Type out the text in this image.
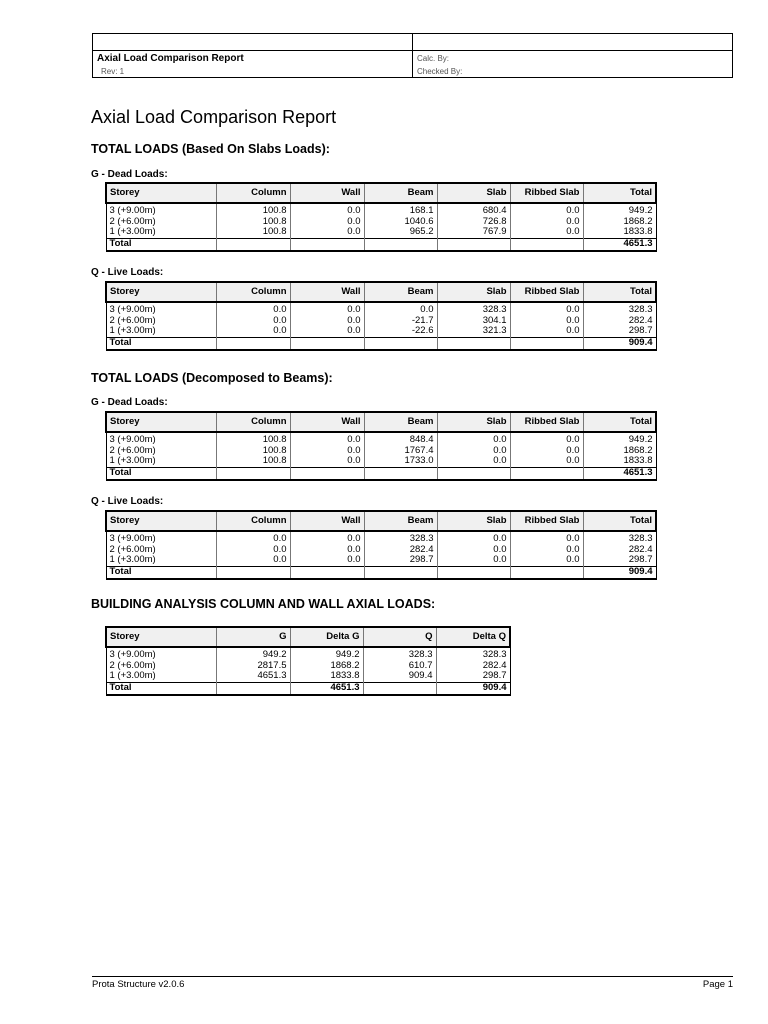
Axial Load Comparison Report
Rev: 1
Calc. By:
Checked By:
Axial Load Comparison Report
TOTAL LOADS (Based On Slabs Loads):
G - Dead Loads:
Storey	Column	Wall	Beam	Slab	Ribbed Slab	Total
3 (+9.00m)	100.8	0.0	168.1	680.4	0.0	949.2
2 (+6.00m)	100.8	0.0	1040.6	726.8	0.0	1868.2
1 (+3.00m)	100.8	0.0	965.2	767.9	0.0	1833.8
Total						4651.3
Q - Live Loads:
Storey	Column	Wall	Beam	Slab	Ribbed Slab	Total
3 (+9.00m)	0.0	0.0	0.0	328.3	0.0	328.3
2 (+6.00m)	0.0	0.0	-21.7	304.1	0.0	282.4
1 (+3.00m)	0.0	0.0	-22.6	321.3	0.0	298.7
Total						909.4
TOTAL LOADS (Decomposed to Beams):
G - Dead Loads:
Storey	Column	Wall	Beam	Slab	Ribbed Slab	Total
3 (+9.00m)	100.8	0.0	848.4	0.0	0.0	949.2
2 (+6.00m)	100.8	0.0	1767.4	0.0	0.0	1868.2
1 (+3.00m)	100.8	0.0	1733.0	0.0	0.0	1833.8
Total						4651.3
Q - Live Loads:
Storey	Column	Wall	Beam	Slab	Ribbed Slab	Total
3 (+9.00m)	0.0	0.0	328.3	0.0	0.0	328.3
2 (+6.00m)	0.0	0.0	282.4	0.0	0.0	282.4
1 (+3.00m)	0.0	0.0	298.7	0.0	0.0	298.7
Total						909.4
BUILDING ANALYSIS COLUMN AND WALL AXIAL LOADS:
Storey	G	Delta G	Q	Delta Q
3 (+9.00m)	949.2	949.2	328.3	328.3
2 (+6.00m)	2817.5	1868.2	610.7	282.4
1 (+3.00m)	4651.3	1833.8	909.4	298.7
Total		4651.3		909.4
Prota Structure v2.0.6	Page 1
